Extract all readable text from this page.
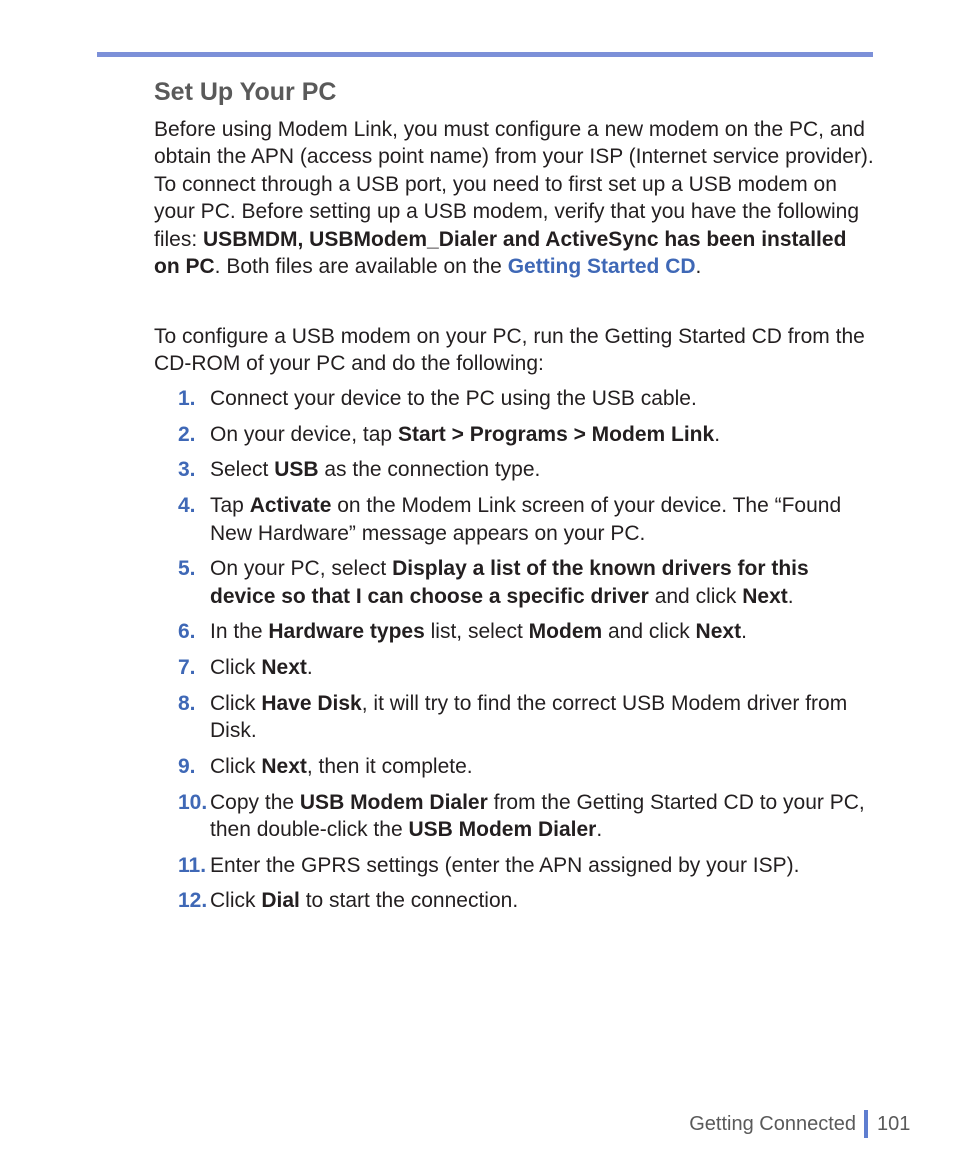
Set Up Your PC

Before using Modem Link, you must configure a new modem on the PC, and obtain the APN (access point name) from your ISP (Internet service provider). To connect through a USB port, you need to first set up a USB modem on your PC. Before setting up a USB modem, verify that you have the following files: USBMDM, USBModem_Dialer and ActiveSync has been installed on PC. Both files are available on the Getting Started CD.

To configure a USB modem on your PC, run the Getting Started CD from the CD-ROM of your PC and do the following:

1. Connect your device to the PC using the USB cable.
2. On your device, tap Start > Programs > Modem Link.
3. Select USB as the connection type.
4. Tap Activate on the Modem Link screen of your device. The “Found New Hardware” message appears on your PC.
5. On your PC, select Display a list of the known drivers for this device so that I can choose a specific driver and click Next.
6. In the Hardware types list, select Modem and click Next.
7. Click Next.
8. Click Have Disk, it will try to find the correct USB Modem driver from Disk.
9. Click Next, then it complete.
10. Copy the USB Modem Dialer from the Getting Started CD to your PC, then double-click the USB Modem Dialer.
11. Enter the GPRS settings (enter the APN assigned by your ISP).
12. Click Dial to start the connection.
Getting Connected 101
